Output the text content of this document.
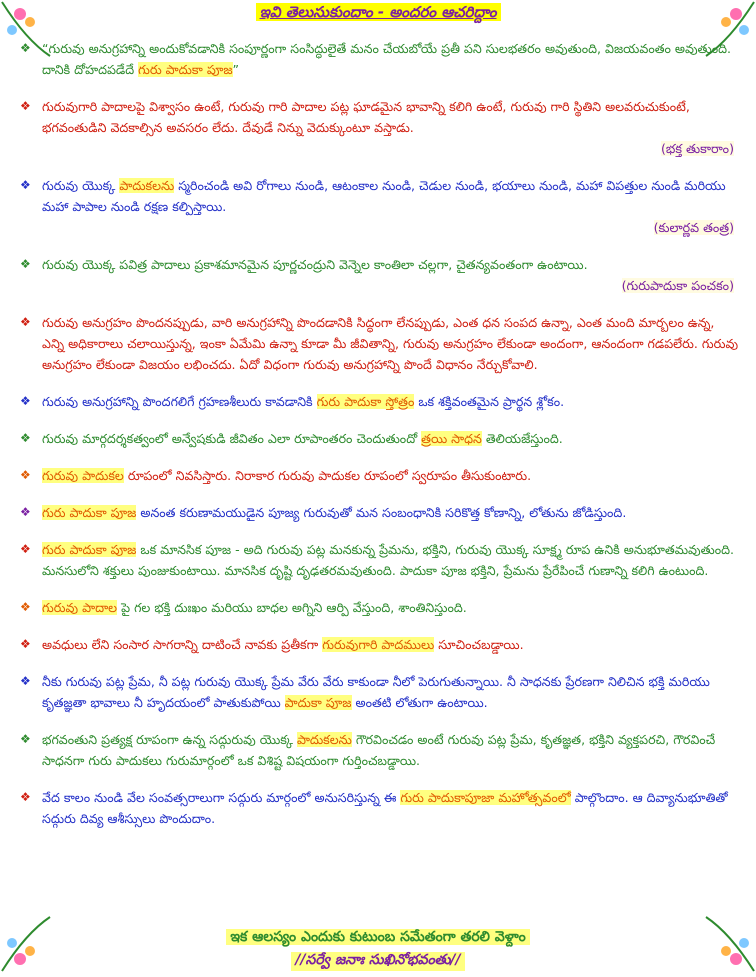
ఇవి తెలుసుకుందాం - అందరం ఆచరిద్దాం
❖ “గురువు అనుగ్రహాన్ని అందుకోవడానికి సంపూర్ణంగా సంసిద్ధులైతే మనం చేయబోయే ప్రతీ పని సులభతరం అవుతుంది, విజయవంతం అవుతుంది. దానికి దోహదపడేదే గురు పాదుకా పూజ”
❖ గురువుగారి పాదాలపై విశ్వాసం ఉంటే, గురువు గారి పాదాల పట్ల ఘాడమైన భావాన్ని కలిగి ఉంటే, గురువు గారి స్థితిని అలవరుచుకుంటే, భగవంతుడిని వెదకాల్సిన అవసరం లేదు. దేవుడే నిన్ను వెదుక్కుంటూ వస్తాడు.
(భక్త తుకారాం)
❖ గురువు యొక్క పాదుకలను స్మరించండి అవి రోగాలు నుండి, ఆటంకాల నుండి, చెడుల నుండి, భయాలు నుండి, మహా విపత్తుల నుండి మరియు మహా పాపాల నుండి రక్షణ కల్పిస్తాయి.
(కులార్ణవ తంత్ర)
❖ గురువు యొక్క పవిత్ర పాదాలు ప్రకాశమానమైన పూర్ణచంద్రుని వెన్నెల కాంతిలా చల్లగా, చైతన్యవంతంగా ఉంటాయి.
(గురుపాదుకా పంచకం)
❖ గురువు అనుగ్రహం పొందనప్పుడు, వారి అనుగ్రహాన్ని పొందడానికి సిద్ధంగా లేనప్పుడు, ఎంత ధన సంపద ఉన్నా, ఎంత మంది మార్బలం ఉన్న, ఎన్ని అధికారాలు చలాయిస్తున్న, ఇంకా ఏమేమి ఉన్నా కూడా మీ జీవితాన్ని, గురువు అనుగ్రహం లేకుండా అందంగా, ఆనందంగా గడపలేరు. గురువు అనుగ్రహం లేకుండా విజయం లభించదు. ఏదో విధంగా గురువు అనుగ్రహాన్ని పొందే విధానం నేర్చుకోవాలి.
❖ గురువు అనుగ్రహాన్ని పొందగలిగే గ్రహణశీలురు కావడానికి గురు పాదుకా స్తోత్రం ఒక శక్తివంతమైన ప్రార్థన శ్లోకం.
❖ గురువు మార్గదర్శకత్వంలో అన్వేషకుడి జీవితం ఎలా రూపాంతరం చెందుతుందో త్రయి సాధన తెలియజేస్తుంది.
❖ గురువు పాదుకల రూపంలో నివసిస్తారు. నిరాకార గురువు పాదుకల రూపంలో స్వరూపం తీసుకుంటారు.
❖ గురు పాదుకా పూజ అనంత కరుణామయుడైన పూజ్య గురువుతో మన సంబంధానికి సరికొత్త కోణాన్ని, లోతును జోడిస్తుంది.
❖ గురు పాదుకా పూజ ఒక మానసిక పూజ - అది గురువు పట్ల మనకున్న ప్రేమను, భక్తిని, గురువు యొక్క సూక్ష్మ రూప ఉనికి అనుభూతమవుతుంది. మనసులోని శక్తులు పుంజుకుంటాయి. మానసిక దృష్టి దృఢతరమవుతుంది. పాదుకా పూజ భక్తిని, ప్రేమను ప్రేరేపించే గుణాన్ని కలిగి ఉంటుంది.
❖ గురువు పాదాల పై గల భక్తి దుఃఖం మరియు బాధల అగ్నిని ఆర్పి వేస్తుంది, శాంతినిస్తుంది.
❖ అవధులు లేని సంసార సాగరాన్ని దాటించే నావకు ప్రతీకగా గురువుగారి పాదములు సూచించబడ్డాయి.
❖ నీకు గురువు పట్ల ప్రేమ, నీ పట్ల గురువు యొక్క ప్రేమ వేరు వేరు కాకుండా నీలో పెరుగుతున్నాయి. నీ సాధనకు ప్రేరణగా నిలిచిన భక్తి మరియు కృతజ్ఞతా భావాలు నీ హృదయంలో పాతుకుపోయి పాదుకా పూజ అంతటి లోతుగా ఉంటాయి.
❖ భగవంతుని ప్రత్యక్ష రూపంగా ఉన్న సద్గురువు యొక్క పాదుకలను గౌరవించడం అంటే గురువు పట్ల ప్రేమ, కృతజ్ఞత, భక్తిని వ్యక్తపరచి, గౌరవించే సాధనగా గురు పాదుకలు గురుమార్గంలో ఒక విశిష్ట విషయంగా గుర్తించబడ్డాయి.
❖ వేద కాలం నుండి వేల సంవత్సరాలుగా సద్గురు మార్గంలో అనుసరిస్తున్న ఈ గురు పాదుకాపూజా మహోత్సవంలో పాల్గొందాం. ఆ దివ్యానుభూతితో సద్గురు దివ్య ఆశీస్సులు పొందుదాం.
ఇక ఆలస్యం ఎందుకు కుటుంబ సమేతంగా తరలి వెళ్దాం
//సర్వే జనాః సుఖినోభవంతు//
